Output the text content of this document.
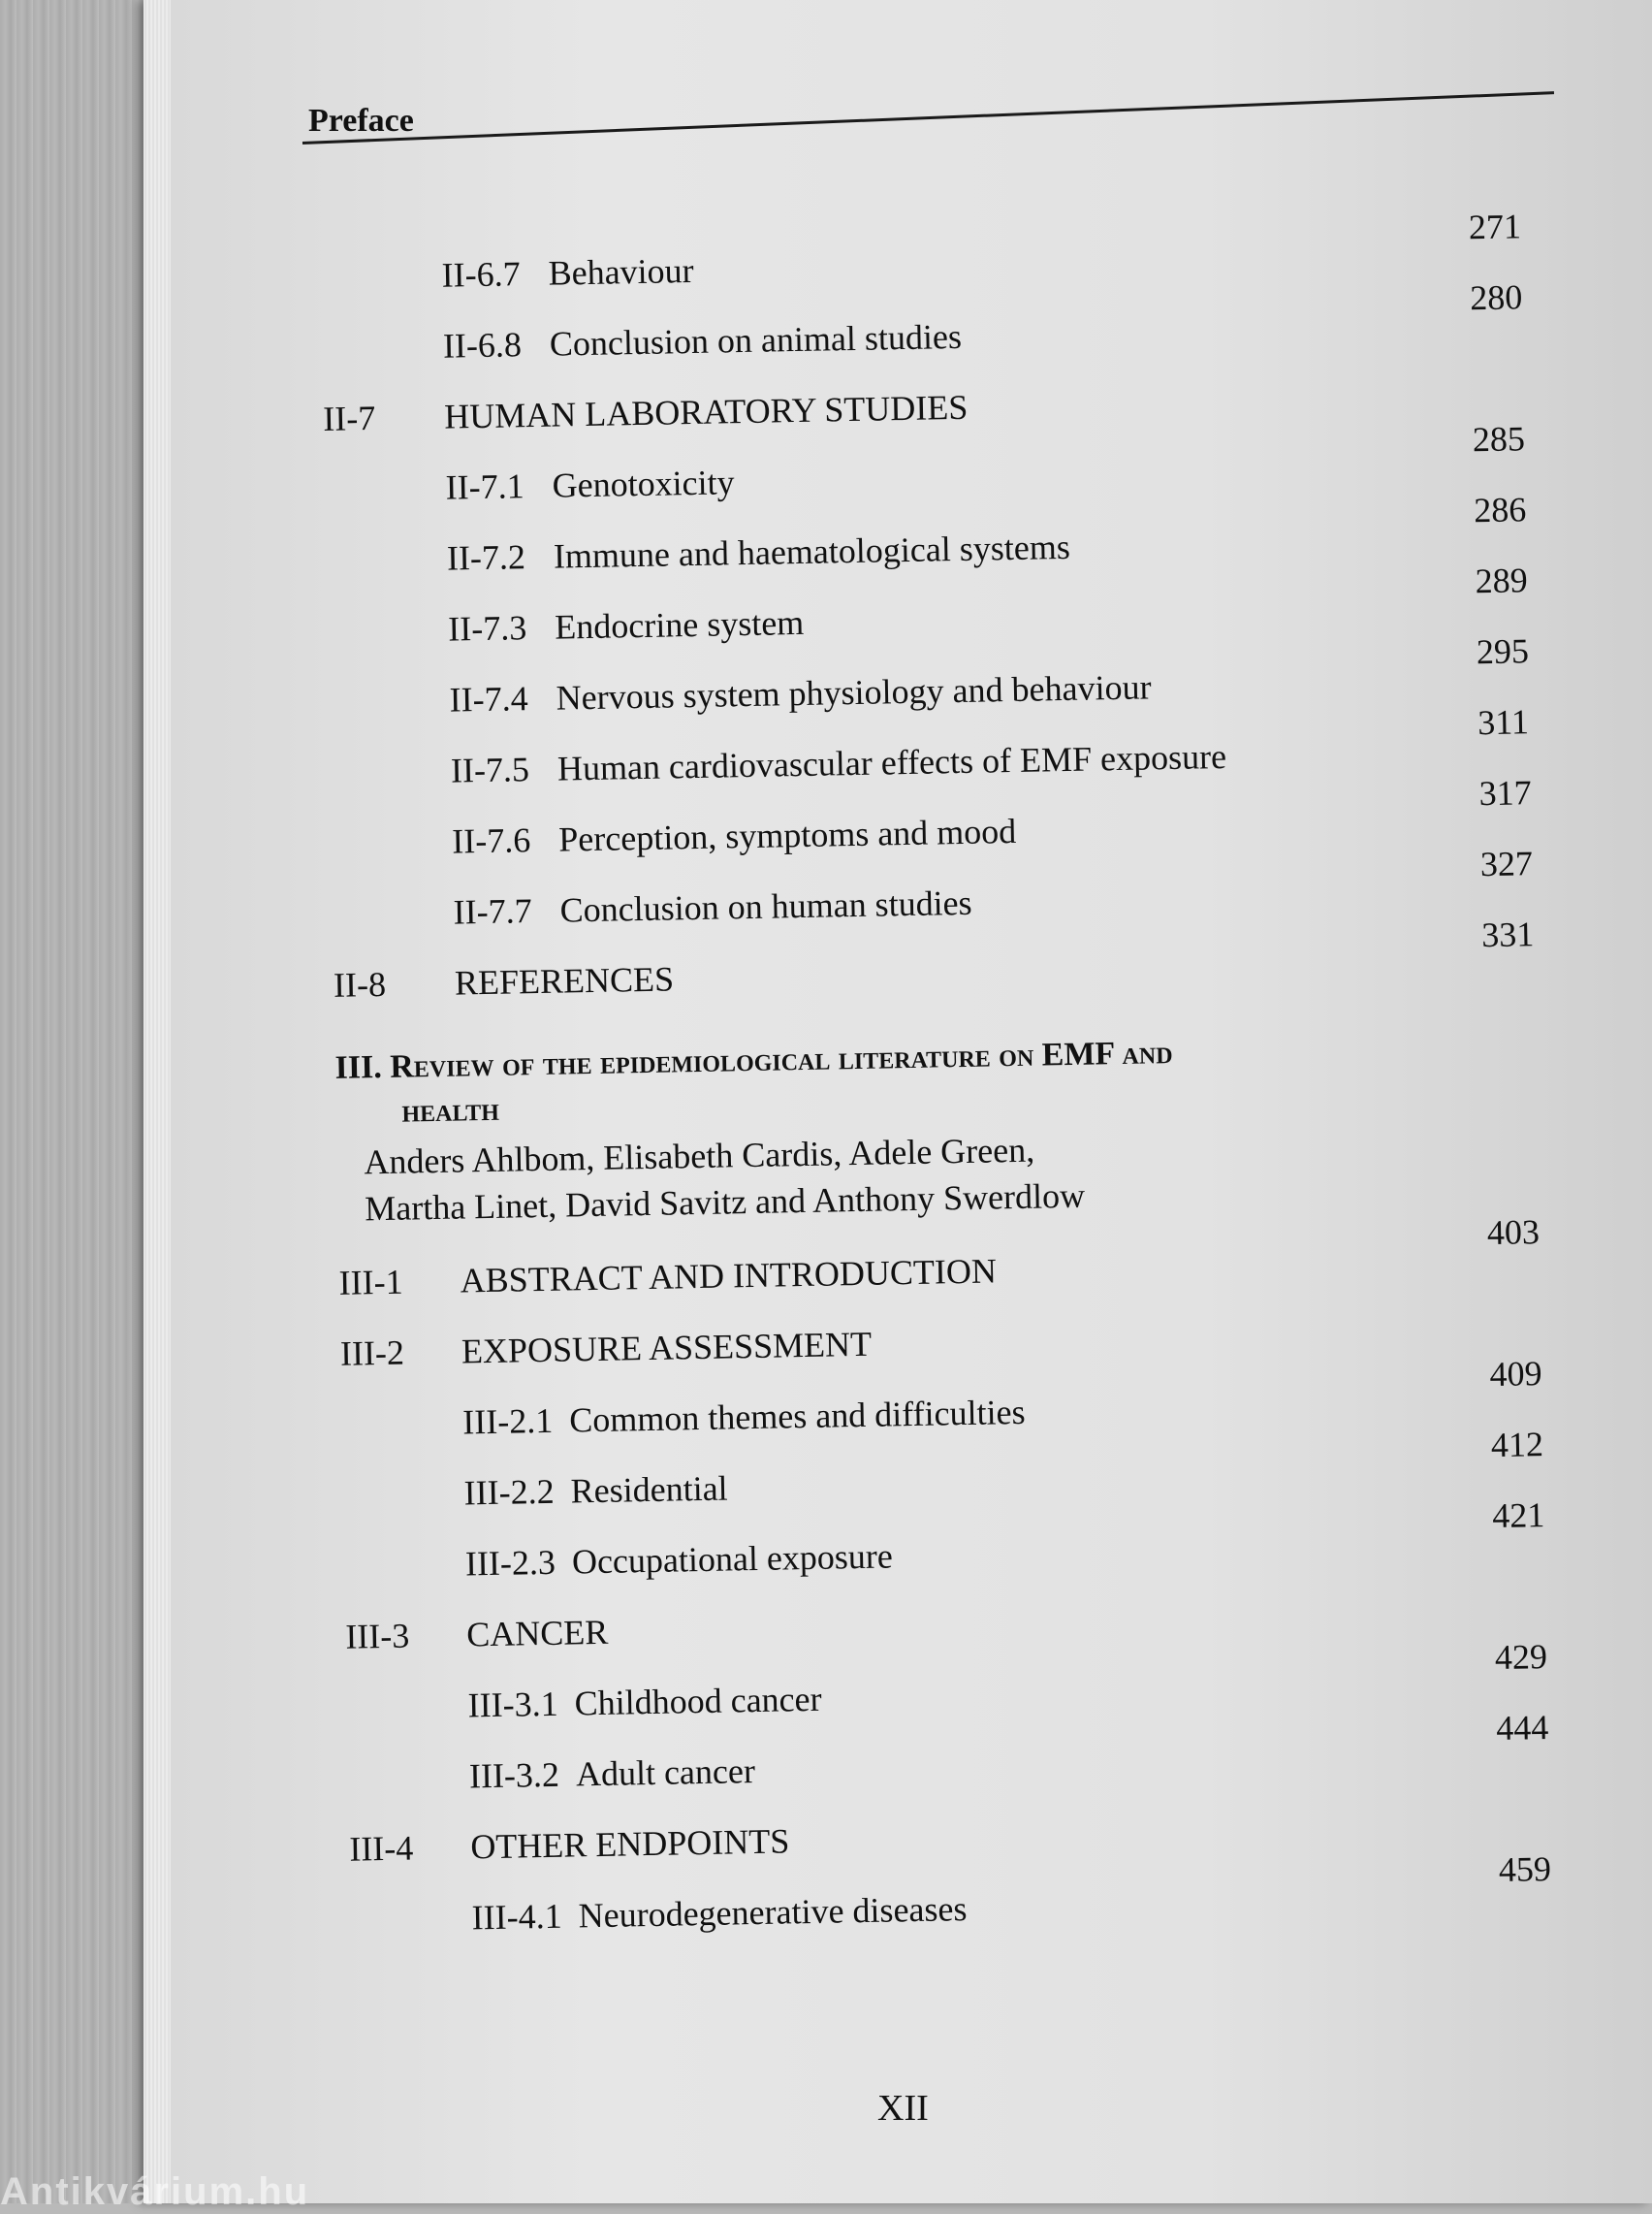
Preface
II-6.7 Behaviour
271
II-6.8 Conclusion on animal studies
280
II-7 HUMAN LABORATORY STUDIES
II-7.1 Genotoxicity
285
II-7.2 Immune and haematological systems
286
II-7.3 Endocrine system
289
II-7.4 Nervous system physiology and behaviour
295
II-7.5 Human cardiovascular effects of EMF exposure
311
II-7.6 Perception, symptoms and mood
317
II-7.7 Conclusion on human studies
327
II-8 REFERENCES
331
III. Review of the epidemiological literature on EMF and
health
Anders Ahlbom, Elisabeth Cardis, Adele Green,
Martha Linet, David Savitz and Anthony Swerdlow
III-1 ABSTRACT AND INTRODUCTION
403
III-2 EXPOSURE ASSESSMENT
III-2.1 Common themes and difficulties
409
III-2.2 Residential
412
III-2.3 Occupational exposure
421
III-3 CANCER
III-3.1 Childhood cancer
429
III-3.2 Adult cancer
444
III-4 OTHER ENDPOINTS
III-4.1 Neurodegenerative diseases
459
XII
Antikvárium.hu
